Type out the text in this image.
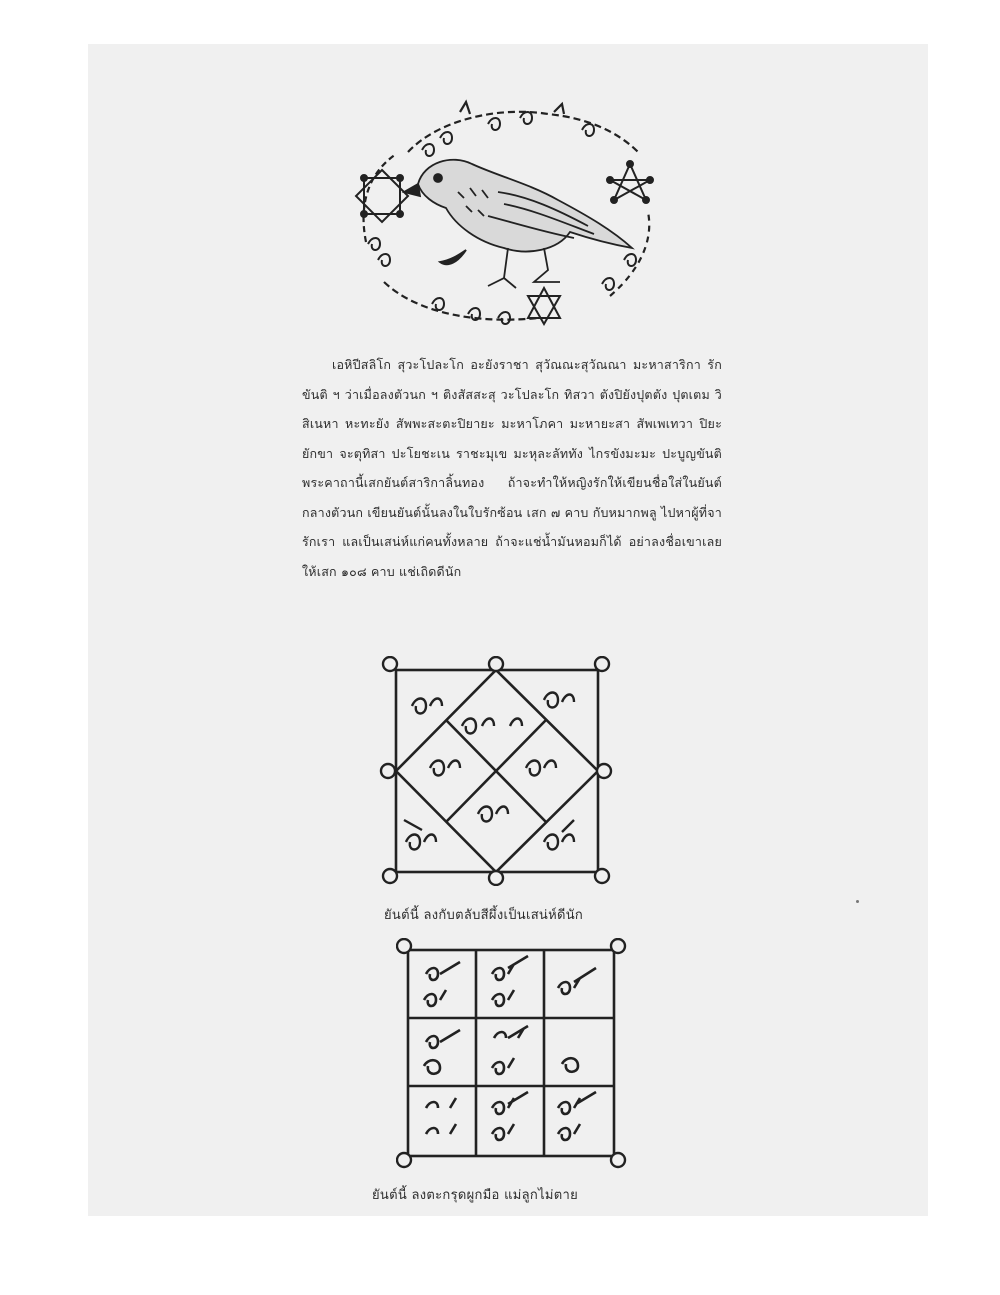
เอหิปีสลิโก สุวะโปละโก อะยังราชา สุวัณณะสุวัณณา มะหาสาริกา รักขันติ ฯ ว่าเมื่อลงตัวนก ฯ ติงสัสสะสุ วะโปละโก ทิสวา ตังปิยังปุตตัง ปุตเตม วิสิเนหา หะทะยัง สัพพะสะตะปิยายะ มะหาโภคา มะหายะสา สัพเพเทวา ปิยะยักขา จะตุทิสา ปะโยชะเน ราชะมุเข มะหุละลัททัง ไกรขังมะมะ ปะบูญขันติ พระคาถานี้เสกยันต์สาริกาลิ้นทอง ถ้าจะทำให้หญิงรักให้เขียนชื่อใส่ในยันต์กลางตัวนก เขียนยันต์นั้นลงในใบรักซ้อน เสก ๗ คาบ กับหมากพลู ไปหาผู้ที่จารักเรา แลเป็นเสน่ห์แก่คนทั้งหลาย ถ้าจะแช่น้ำมันหอมก็ได้ อย่าลงชื่อเขาเลย ให้เสก ๑๐๘ คาบ แช่เถิดดีนัก
ยันต์นี้ ลงกับตลับสีผึ้งเป็นเสน่ห์ดีนัก
ยันต์นี้ ลงตะกรุดผูกมือ แม่ลูกไม่ตาย
